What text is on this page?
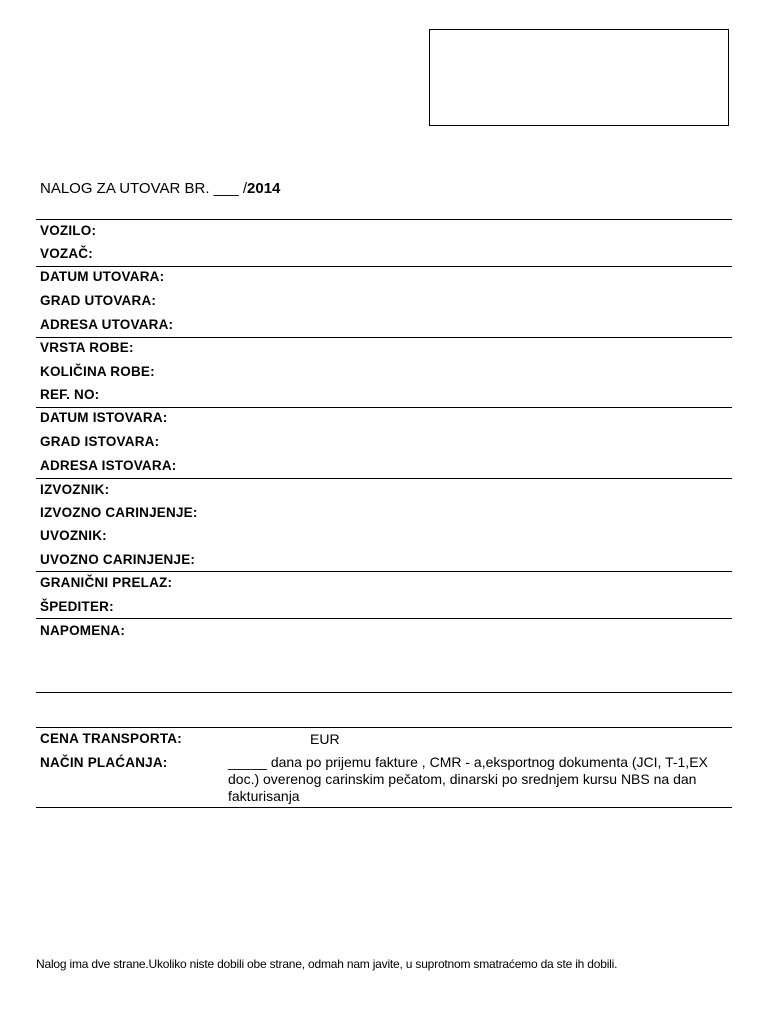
NALOG ZA UTOVAR BR. ___ /2014
VOZILO:
VOZAČ:
DATUM UTOVARA:
GRAD UTOVARA:
ADRESA UTOVARA:
VRSTA ROBE:
KOLIČINA ROBE:
REF. NO:
DATUM ISTOVARA:
GRAD ISTOVARA:
ADRESA ISTOVARA:
IZVOZNIK:
IZVOZNO CARINJENJE:
UVOZNIK:
UVOZNO CARINJENJE:
GRANIČNI PRELAZ:
ŠPEDITER:
NAPOMENA:
CENA TRANSPORTA:	EUR
NAČIN PLAĆANJA:	_____ dana po prijemu fakture , CMR - a,eksportnog dokumenta (JCI, T-1,EX doc.) overenog carinskim pečatom, dinarski po srednjem kursu NBS na dan fakturisanja
Nalog ima dve strane.Ukoliko niste dobili obe strane, odmah nam javite, u suprotnom smatraćemo da ste ih dobili.
